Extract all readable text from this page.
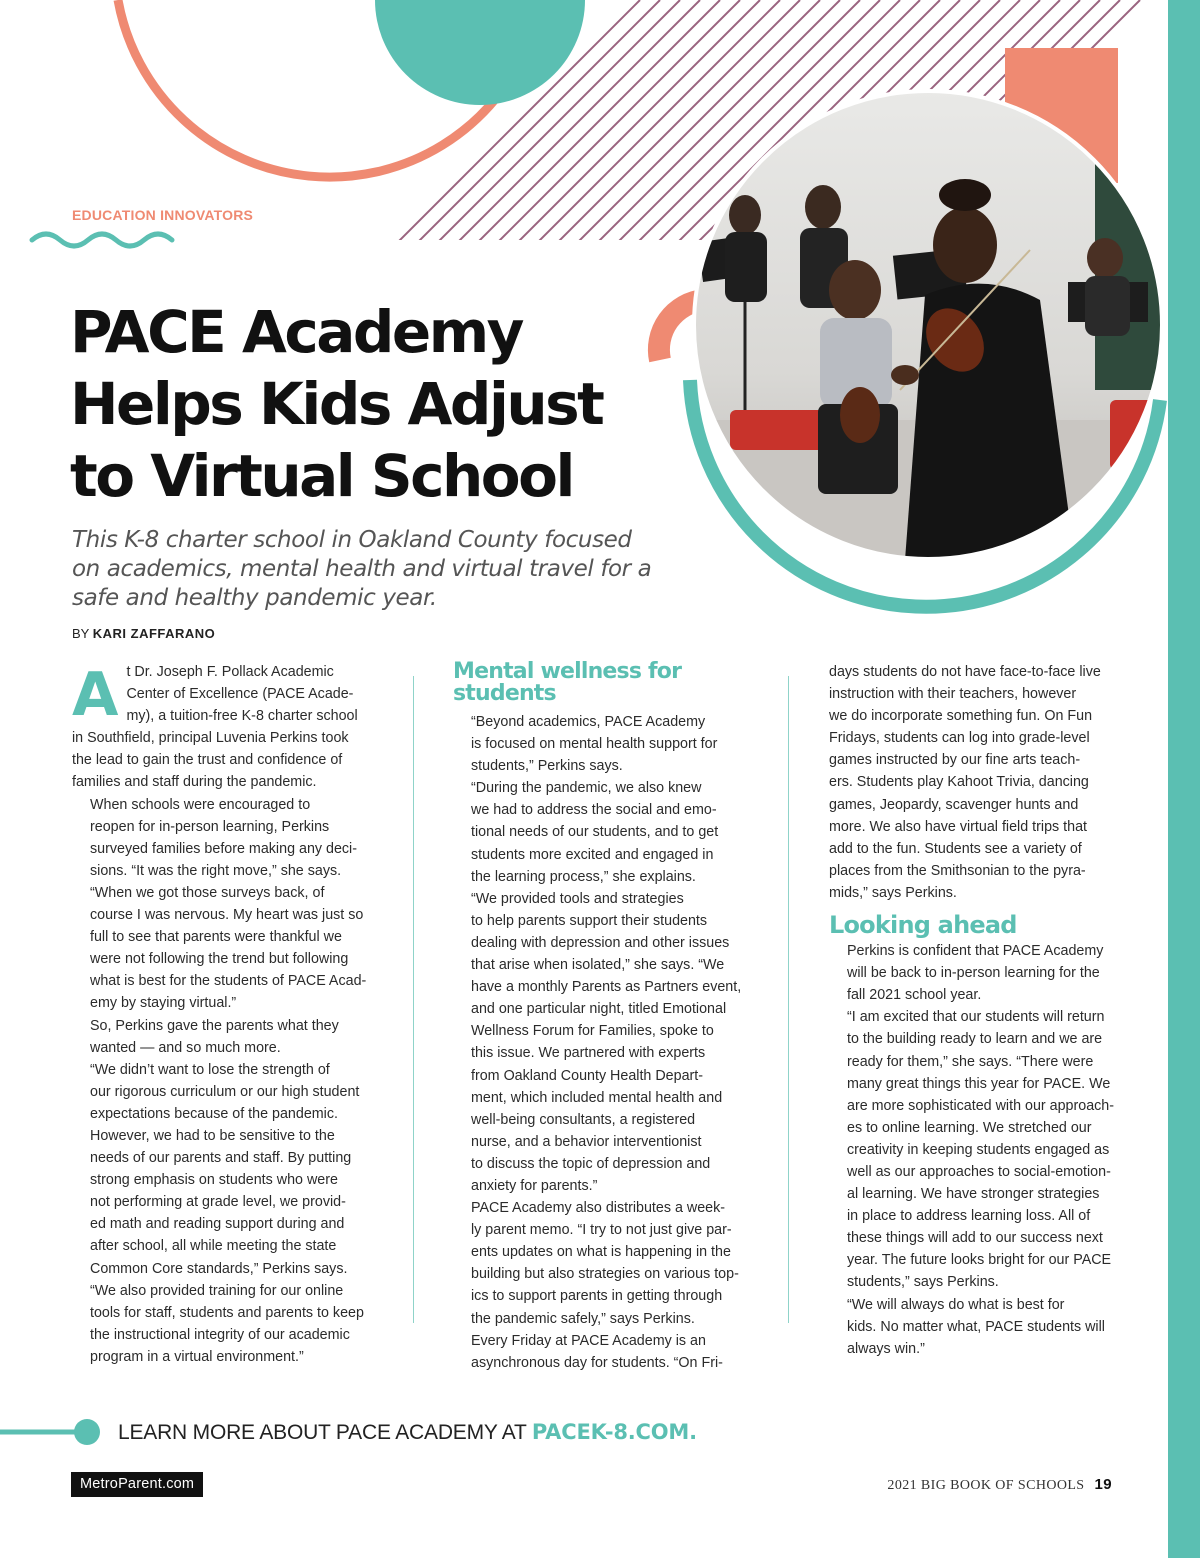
EDUCATION INNOVATORS
PACE Academy
Helps Kids Adjust
to Virtual School

This K-8 charter school in Oakland County focused
on academics, mental health and virtual travel for a
safe and healthy pandemic year.

BY KARI ZAFFARANO

A t Dr. Joseph F. Pollack Academic
Center of Excellence (PACE Acade-
my), a tuition-free K-8 charter school
in Southfield, principal Luvenia Perkins took
the lead to gain the trust and confidence of
families and staff during the pandemic.

When schools were encouraged to
reopen for in-person learning, Perkins
surveyed families before making any deci-
sions. “It was the right move,” she says.

“When we got those surveys back, of
course I was nervous. My heart was just so
full to see that parents were thankful we
were not following the trend but following
what is best for the students of PACE Acad-
emy by staying virtual.”

So, Perkins gave the parents what they
wanted — and so much more.

“We didn’t want to lose the strength of
our rigorous curriculum or our high student
expectations because of the pandemic.
However, we had to be sensitive to the
needs of our parents and staff. By putting
strong emphasis on students who were
not performing at grade level, we provid-
ed math and reading support during and
after school, all while meeting the state
Common Core standards,” Perkins says.
“We also provided training for our online
tools for staff, students and parents to keep
the instructional integrity of our academic
program in a virtual environment.”

Mental wellness for
students

“Beyond academics, PACE Academy
is focused on mental health support for
students,” Perkins says.

“During the pandemic, we also knew
we had to address the social and emo-
tional needs of our students, and to get
students more excited and engaged in
the learning process,” she explains.

“We provided tools and strategies
to help parents support their students
dealing with depression and other issues
that arise when isolated,” she says. “We
have a monthly Parents as Partners event,
and one particular night, titled Emotional
Wellness Forum for Families, spoke to
this issue. We partnered with experts
from Oakland County Health Depart-
ment, which included mental health and
well-being consultants, a registered
nurse, and a behavior interventionist
to discuss the topic of depression and
anxiety for parents.”

PACE Academy also distributes a week-
ly parent memo. “I try to not just give par-
ents updates on what is happening in the
building but also strategies on various top-
ics to support parents in getting through
the pandemic safely,” says Perkins.

Every Friday at PACE Academy is an
asynchronous day for students. “On Fri-

days students do not have face-to-face live
instruction with their teachers, however
we do incorporate something fun. On Fun
Fridays, students can log into grade-level
games instructed by our fine arts teach-
ers. Students play Kahoot Trivia, dancing
games, Jeopardy, scavenger hunts and
more. We also have virtual field trips that
add to the fun. Students see a variety of
places from the Smithsonian to the pyra-
mids,” says Perkins.

Looking ahead

Perkins is confident that PACE Academy
will be back to in-person learning for the
fall 2021 school year.

“I am excited that our students will return
to the building ready to learn and we are
ready for them,” she says. “There were
many great things this year for PACE. We
are more sophisticated with our approach-
es to online learning. We stretched our
creativity in keeping students engaged as
well as our approaches to social-emotion-
al learning. We have stronger strategies
in place to address learning loss. All of
these things will add to our success next
year. The future looks bright for our PACE
students,” says Perkins.

“We will always do what is best for
kids. No matter what, PACE students will
always win.”

LEARN MORE ABOUT PACE ACADEMY AT PACEK-8.COM.
MetroParent.com	2021 BIG BOOK OF SCHOOLS 19
